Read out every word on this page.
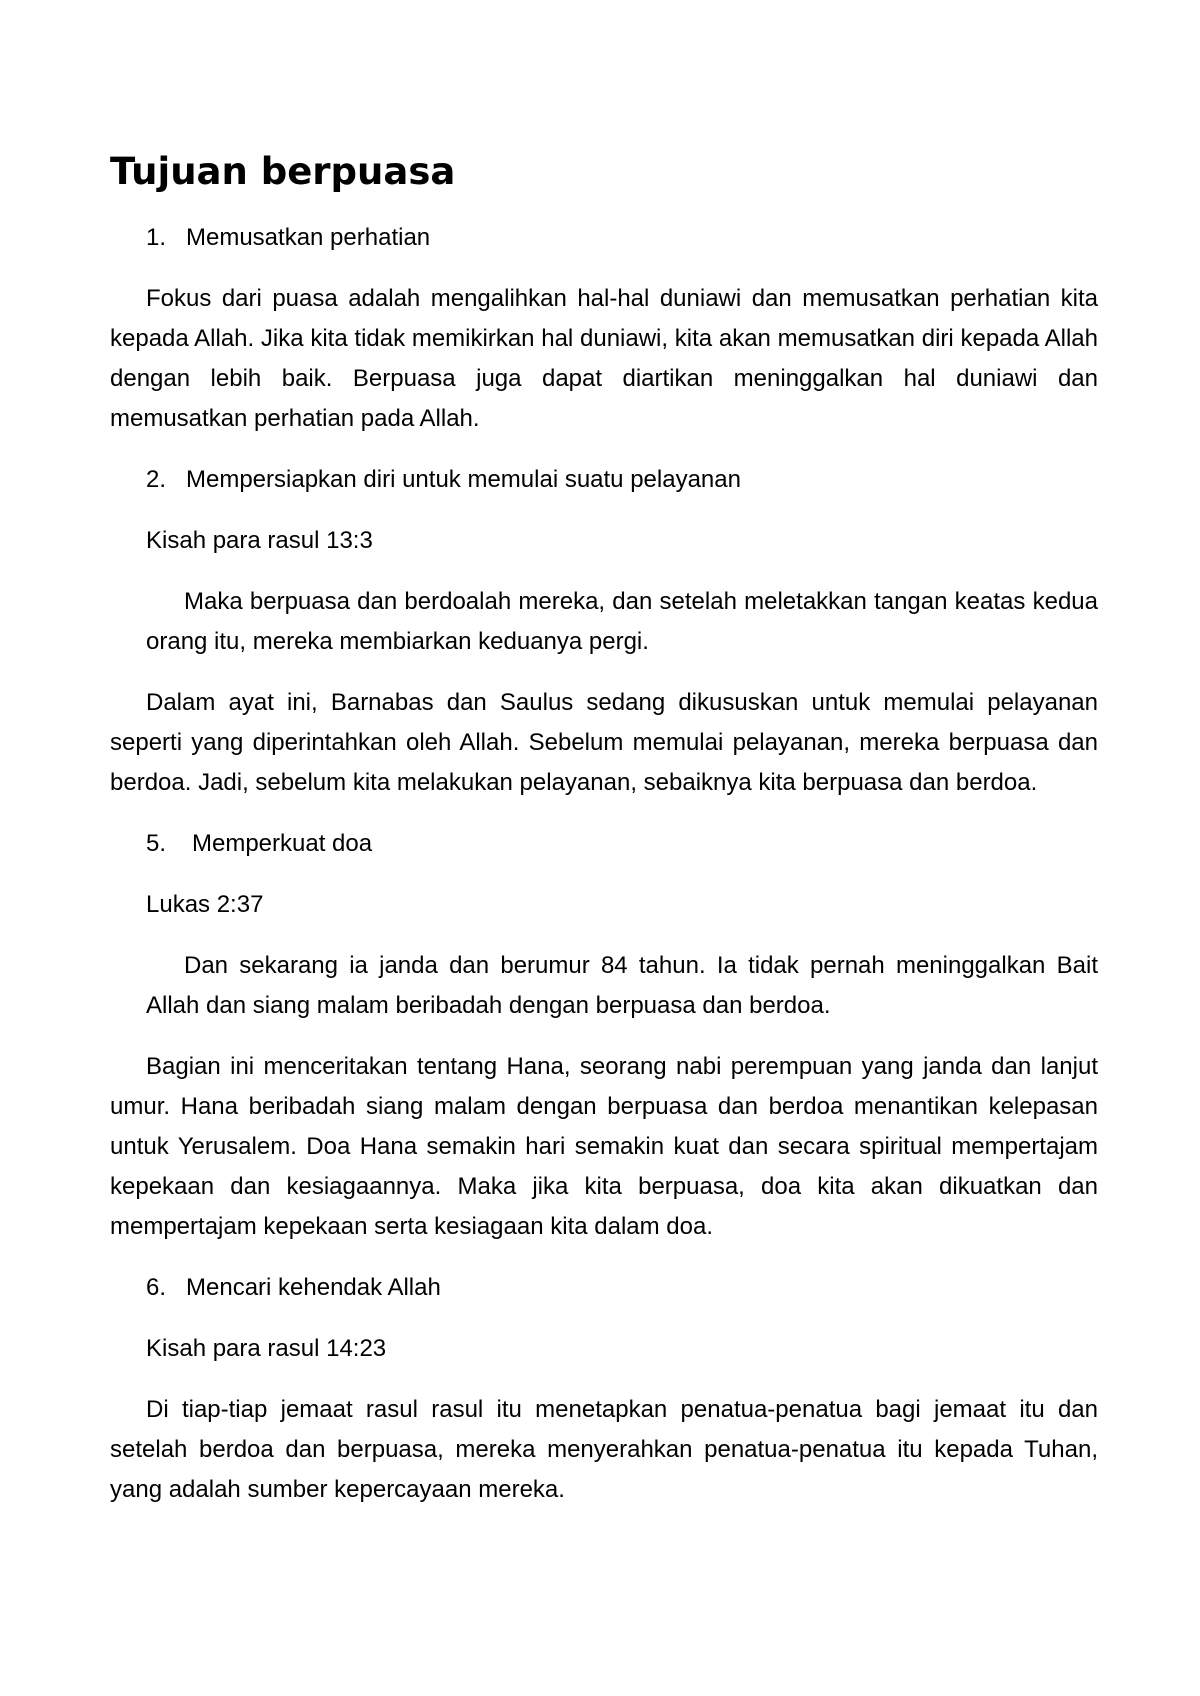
Tujuan berpuasa
1. Memusatkan perhatian

Fokus dari puasa adalah mengalihkan hal-hal duniawi dan memusatkan perhatian kita kepada Allah. Jika kita tidak memikirkan hal duniawi, kita akan memusatkan diri kepada Allah dengan lebih baik. Berpuasa juga dapat diartikan meninggalkan hal duniawi dan memusatkan perhatian pada Allah.

2. Mempersiapkan diri untuk memulai suatu pelayanan

Kisah para rasul 13:3

Maka berpuasa dan berdoalah mereka, dan setelah meletakkan tangan keatas kedua orang itu, mereka membiarkan keduanya pergi.

Dalam ayat ini, Barnabas dan Saulus sedang dikususkan untuk memulai pelayanan seperti yang diperintahkan oleh Allah. Sebelum memulai pelayanan, mereka berpuasa dan berdoa. Jadi, sebelum kita melakukan pelayanan, sebaiknya kita berpuasa dan berdoa.

5. Memperkuat doa

Lukas 2:37

Dan sekarang ia janda dan berumur 84 tahun. Ia tidak pernah meninggalkan Bait Allah dan siang malam beribadah dengan berpuasa dan berdoa.

Bagian ini menceritakan tentang Hana, seorang nabi perempuan yang janda dan lanjut umur. Hana beribadah siang malam dengan berpuasa dan berdoa menantikan kelepasan untuk Yerusalem. Doa Hana semakin hari semakin kuat dan secara spiritual mempertajam kepekaan dan kesiagaannya. Maka jika kita berpuasa, doa kita akan dikuatkan dan mempertajam kepekaan serta kesiagaan kita dalam doa.

6. Mencari kehendak Allah

Kisah para rasul 14:23

Di tiap-tiap jemaat rasul rasul itu menetapkan penatua-penatua bagi jemaat itu dan setelah berdoa dan berpuasa, mereka menyerahkan penatua-penatua itu kepada Tuhan, yang adalah sumber kepercayaan mereka.
